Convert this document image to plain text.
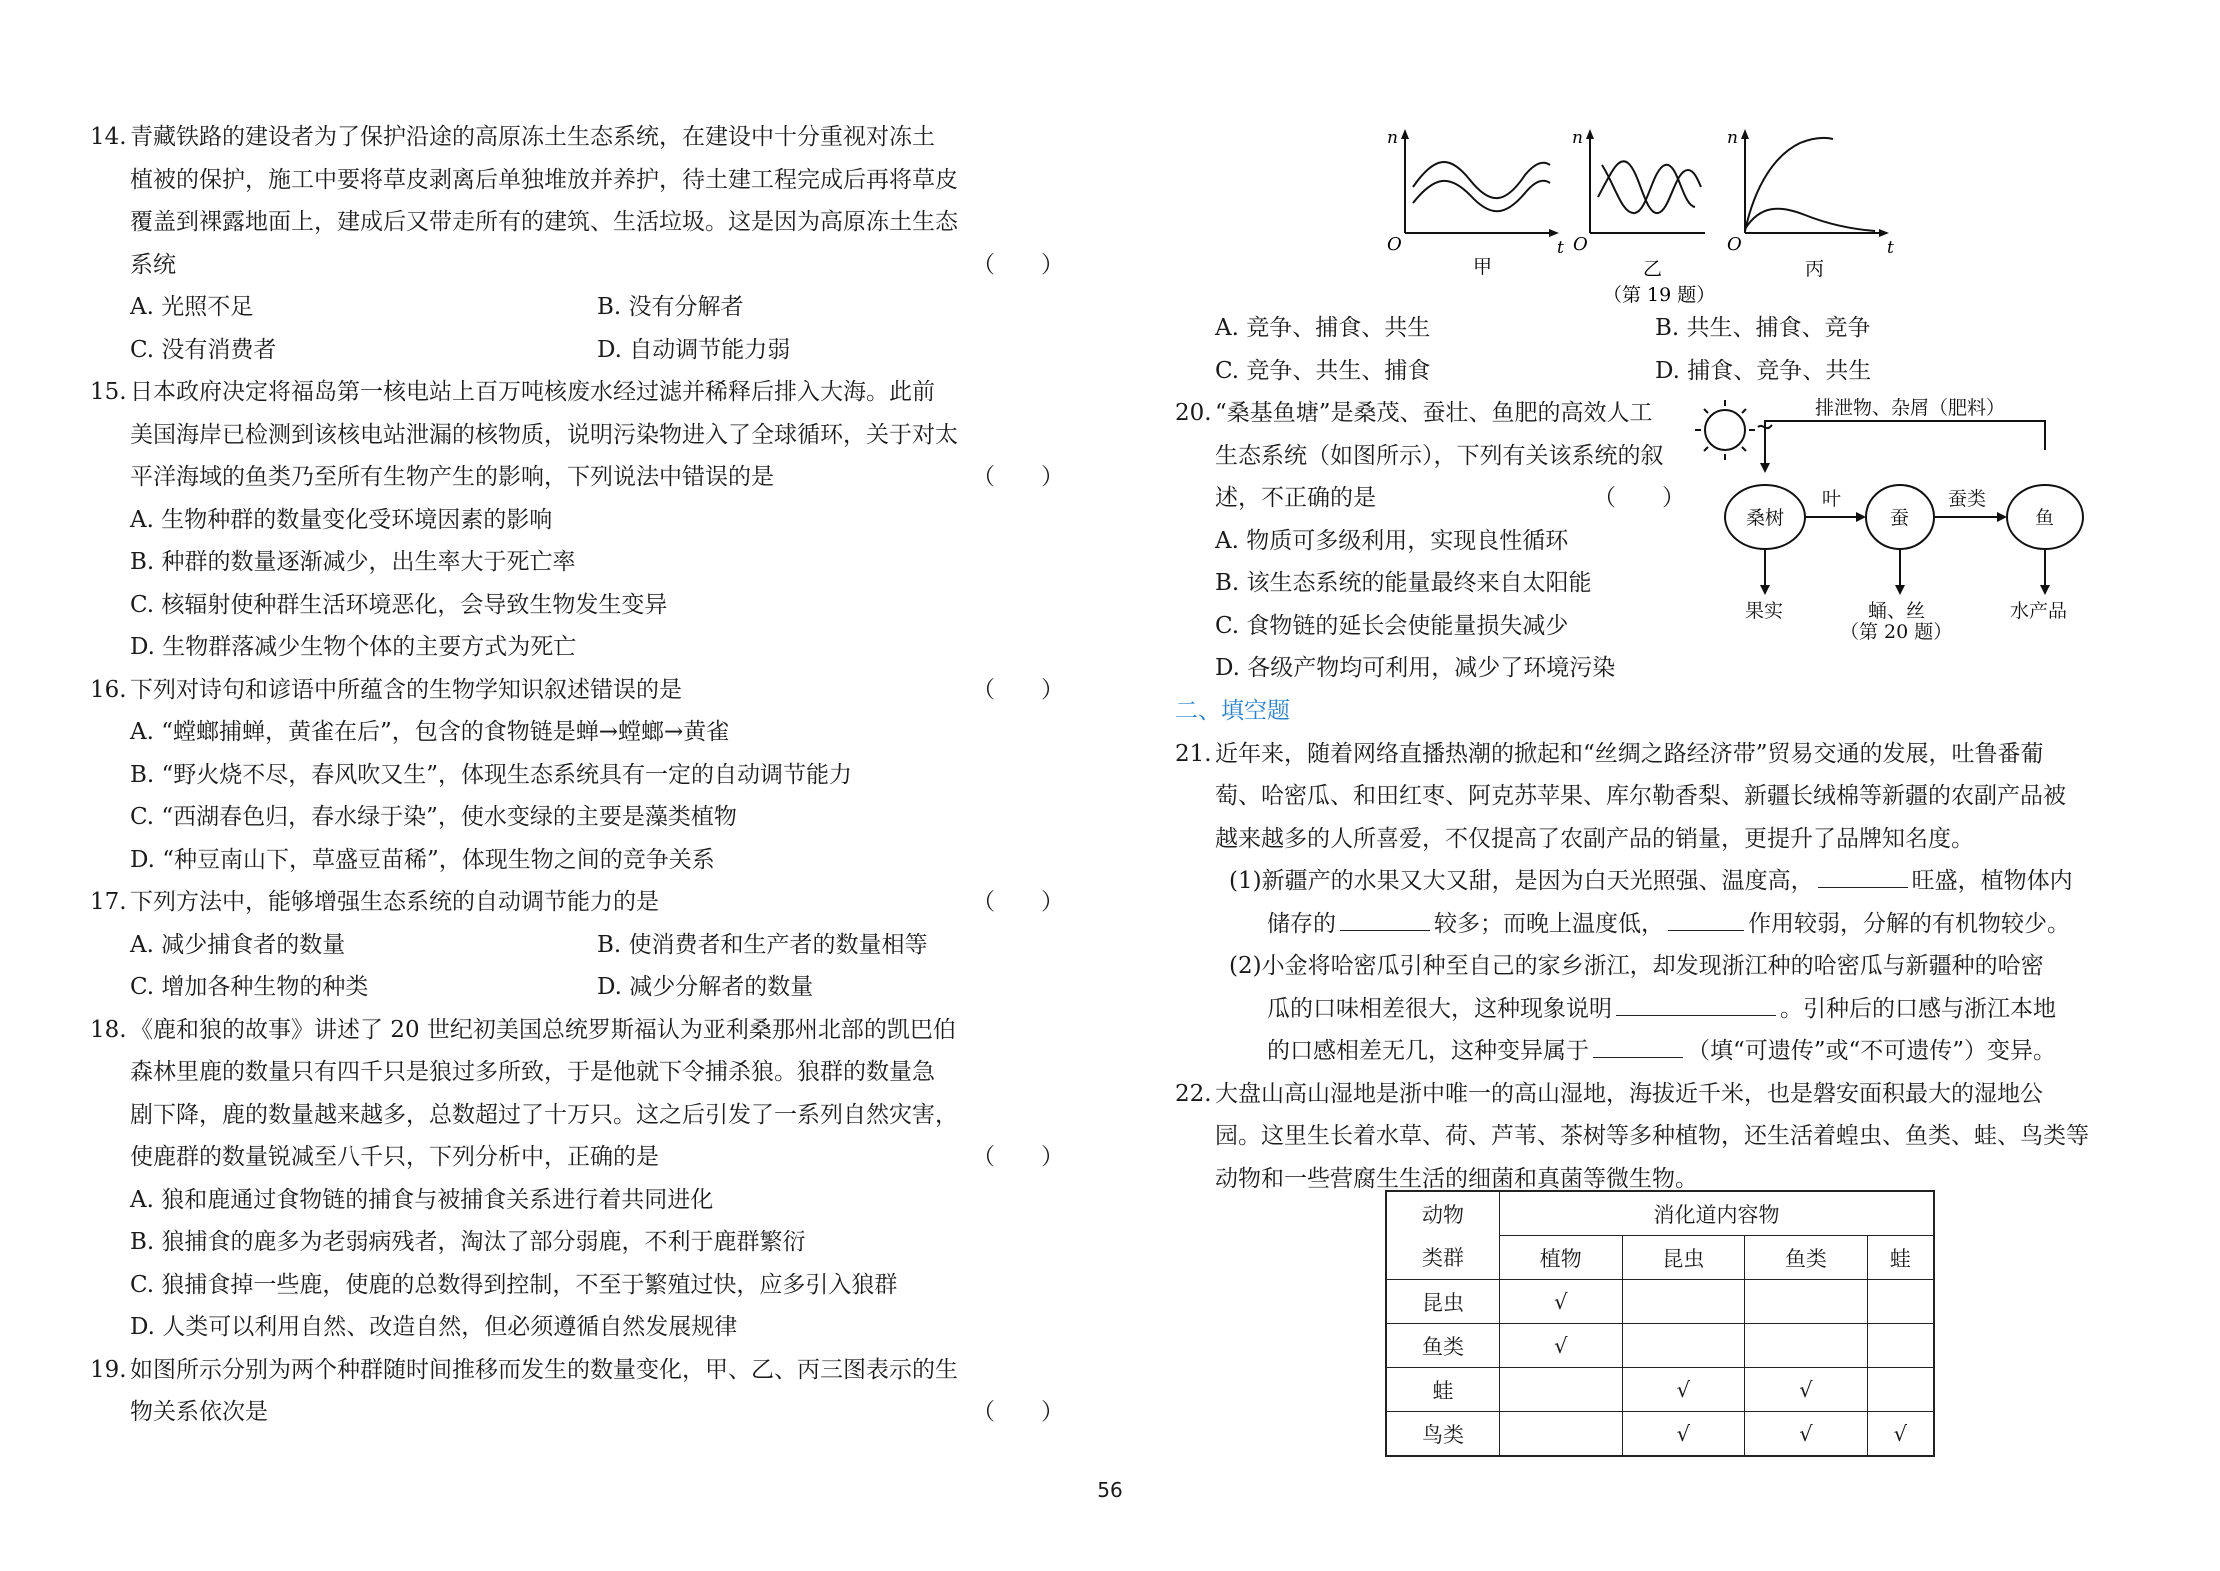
14. 青藏铁路的建设者为了保护沿途的高原冻土生态系统，在建设中十分重视对冻土
植被的保护，施工中要将草皮剥离后单独堆放并养护，待土建工程完成后再将草皮
覆盖到裸露地面上，建成后又带走所有的建筑、生活垃圾。这是因为高原冻土生态
系统	（　　）
A. 光照不足	B. 没有分解者
C. 没有消费者	D. 自动调节能力弱
15. 日本政府决定将福岛第一核电站上百万吨核废水经过滤并稀释后排入大海。此前
美国海岸已检测到该核电站泄漏的核物质，说明污染物进入了全球循环，关于对太
平洋海域的鱼类乃至所有生物产生的影响，下列说法中错误的是	（　　）
A. 生物种群的数量变化受环境因素的影响
B. 种群的数量逐渐减少，出生率大于死亡率
C. 核辐射使种群生活环境恶化，会导致生物发生变异
D. 生物群落减少生物个体的主要方式为死亡
16. 下列对诗句和谚语中所蕴含的生物学知识叙述错误的是	（　　）
A. “螳螂捕蝉，黄雀在后”，包含的食物链是蝉→螳螂→黄雀
B. “野火烧不尽，春风吹又生”，体现生态系统具有一定的自动调节能力
C. “西湖春色归，春水绿于染”，使水变绿的主要是藻类植物
D. “种豆南山下，草盛豆苗稀”，体现生物之间的竞争关系
17. 下列方法中，能够增强生态系统的自动调节能力的是	（　　）
A. 减少捕食者的数量	B. 使消费者和生产者的数量相等
C. 增加各种生物的种类	D. 减少分解者的数量
18. 《鹿和狼的故事》讲述了 20 世纪初美国总统罗斯福认为亚利桑那州北部的凯巴伯
森林里鹿的数量只有四千只是狼过多所致，于是他就下令捕杀狼。狼群的数量急
剧下降，鹿的数量越来越多，总数超过了十万只。这之后引发了一系列自然灾害，
使鹿群的数量锐减至八千只，下列分析中，正确的是	（　　）
A. 狼和鹿通过食物链的捕食与被捕食关系进行着共同进化
B. 狼捕食的鹿多为老弱病残者，淘汰了部分弱鹿，不利于鹿群繁衍
C. 狼捕食掉一些鹿，使鹿的总数得到控制，不至于繁殖过快，应多引入狼群
D. 人类可以利用自然、改造自然，但必须遵循自然发展规律
19. 如图所示分别为两个种群随时间推移而发生的数量变化，甲、乙、丙三图表示的生
物关系依次是	（　　）
n
O	t
甲
n
O
乙
n
O	t
丙
（第 19 题）
A. 竞争、捕食、共生	B. 共生、捕食、竞争
C. 竞争、共生、捕食	D. 捕食、竞争、共生
20. “桑基鱼塘”是桑茂、蚕壮、鱼肥的高效人工
生态系统（如图所示），下列有关该系统的叙
述，不正确的是	（　　）
A. 物质可多级利用，实现良性循环
B. 该生态系统的能量最终来自太阳能
C. 食物链的延长会使能量损失减少
D. 各级产物均可利用，减少了环境污染
排泄物、杂屑（肥料）
桑树	蚕	鱼
叶	蚕类
果实	蛹、丝	水产品
（第 20 题）
二、填空题
21. 近年来，随着网络直播热潮的掀起和“丝绸之路经济带”贸易交通的发展，吐鲁番葡
萄、哈密瓜、和田红枣、阿克苏苹果、库尔勒香梨、新疆长绒棉等新疆的农副产品被
越来越多的人所喜爱，不仅提高了农副产品的销量，更提升了品牌知名度。
(1)新疆产的水果又大又甜，是因为白天光照强、温度高，	旺盛，植物体内
储存的	较多；而晚上温度低，	作用较弱，分解的有机物较少。
(2)小金将哈密瓜引种至自己的家乡浙江，却发现浙江种的哈密瓜与新疆种的哈密
瓜的口味相差很大，这种现象说明	。引种后的口感与浙江本地
的口感相差无几，这种变异属于	（填“可遗传”或“不可遗传”）变异。
22. 大盘山高山湿地是浙中唯一的高山湿地，海拔近千米，也是磐安面积最大的湿地公
园。这里生长着水草、荷、芦苇、茶树等多种植物，还生活着蝗虫、鱼类、蛙、鸟类等
动物和一些营腐生生活的细菌和真菌等微生物。
动物	消化道内容物			
类群	植物	昆虫	鱼类	蛙
昆虫	√			
鱼类	√			
蛙		√	√	
鸟类		√	√	√
56
